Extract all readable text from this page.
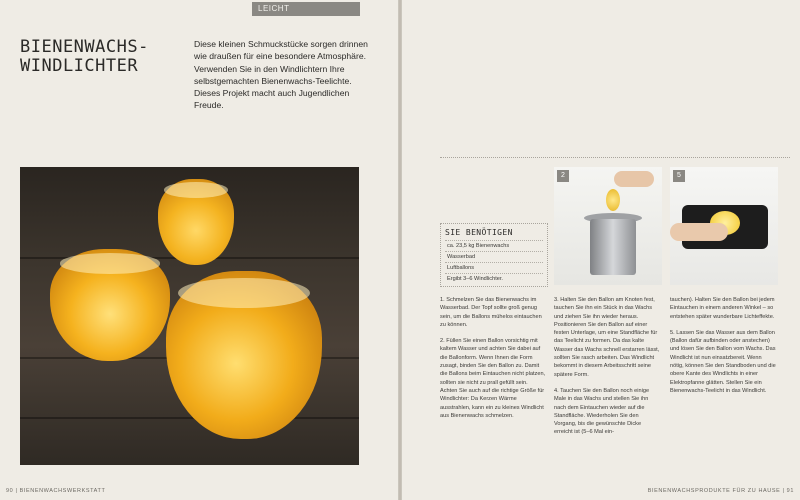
LEICHT
BIENENWACHS-
WINDLICHTER
Diese kleinen Schmuckstücke sorgen drinnen wie draußen für eine besondere Atmosphäre. Verwenden Sie in den Windlichtern Ihre selbstgemachten Bienenwachs-Teelichte. Dieses Projekt macht auch Jugendlichen Freude.
90 | BIENENWACHSWERKSTATT
2	5
SIE BENÖTIGEN
ca. 23,5 kg Bienenwachs
Wasserbad
Luftballons
Ergibt 3–6 Windlichter.

1. Schmelzen Sie das Bienenwachs im Wasserbad. Der Topf sollte groß genug sein, um die Ballons mühelos eintauchen zu können.

2. Füllen Sie einen Ballon vorsichtig mit kaltem Wasser und achten Sie dabei auf die Ballonform. Wenn Ihnen die Form zusagt, binden Sie den Ballon zu. Damit die Ballons beim Eintauchen nicht platzen, sollten sie nicht zu prall gefüllt sein. Achten Sie auch auf die richtige Größe für Windlichter: Da Kerzen Wärme ausstrahlen, kann ein zu kleines Windlicht aus Bienenwachs schmelzen.

3. Halten Sie den Ballon am Knoten fest, tauchen Sie ihn ein Stück in das Wachs und ziehen Sie ihn wieder heraus. Positionieren Sie den Ballon auf einer festen Unterlage, um eine Standfläche für das Teelicht zu formen. Da das kalte Wasser das Wachs schnell erstarren lässt, sollten Sie rasch arbeiten. Das Windlicht bekommt in diesem Arbeitsschritt seine spätere Form.

4. Tauchen Sie den Ballon noch einige Male in das Wachs und stellen Sie ihn nach dem Eintauchen wieder auf die Standfläche. Wiederholen Sie den Vorgang, bis die gewünschte Dicke erreicht ist (5–6 Mal ein-

tauchen). Halten Sie den Ballon bei jedem Eintauchen in einem anderen Winkel – so entstehen später wunderbare Lichteffekte.

5. Lassen Sie das Wasser aus dem Ballon (Ballon dafür aufbinden oder anstechen) und lösen Sie den Ballon vom Wachs. Das Windlicht ist nun einsatzbereit. Wenn nötig, können Sie den Standboden und die obere Kante des Windlichts in einer Elektropfanne glätten. Stellen Sie ein Bienenwachs-Teelicht in das Windlicht.

BIENENWACHSPRODUKTE FÜR ZU HAUSE | 91
